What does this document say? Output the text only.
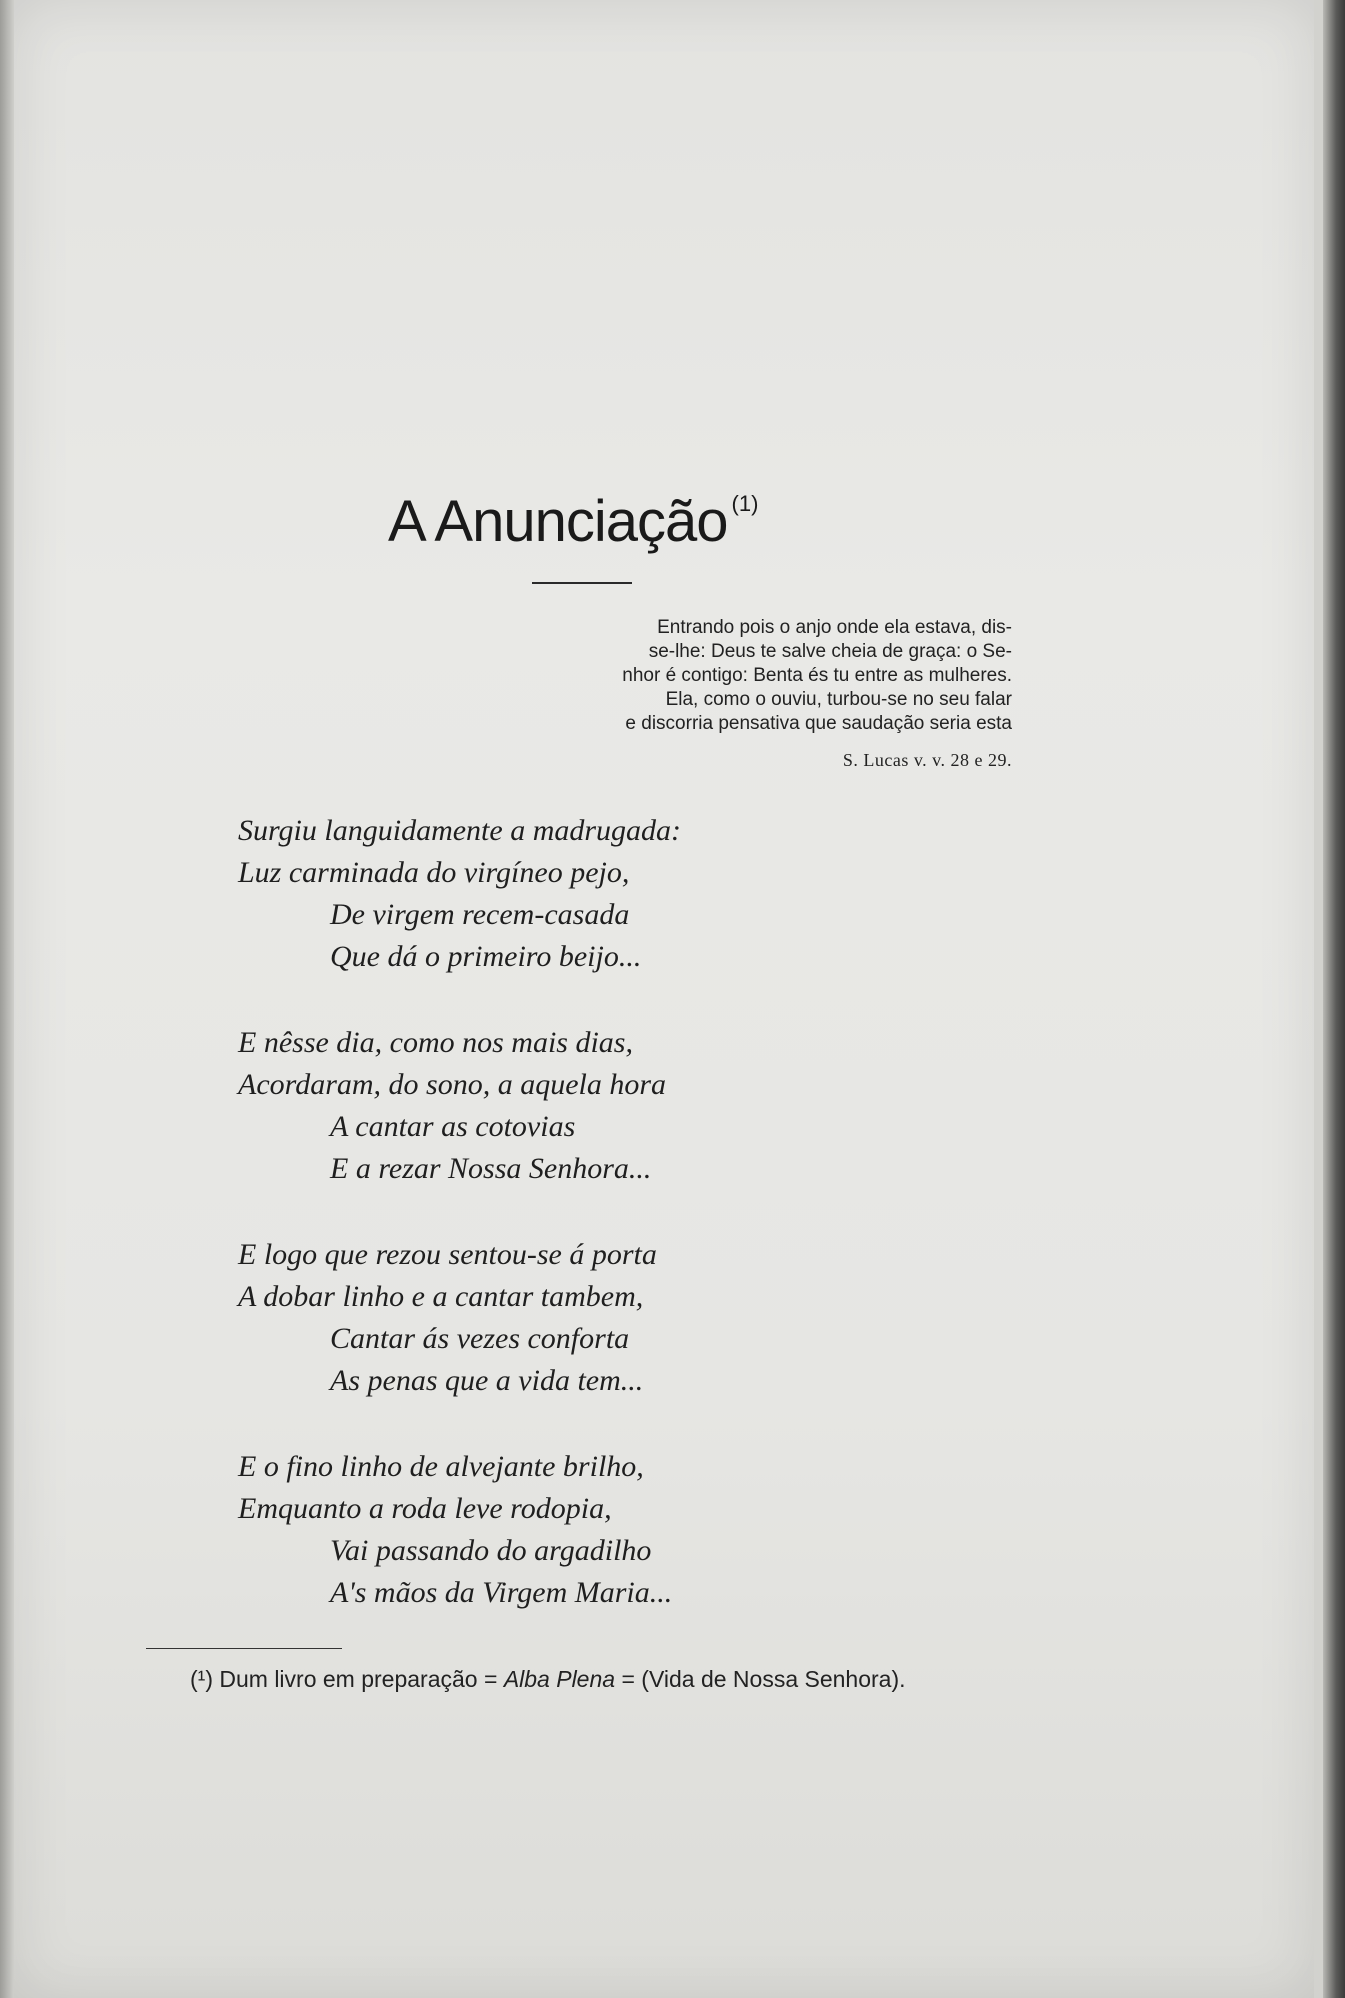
A Anunciação $^{(1)}$
Entrando pois o anjo onde ela estava, dis-
se-lhe: Deus te salve cheia de graça: o Se-
nhor é contigo: Benta és tu entre as mulheres.
Ela, como o ouviu, turbou-se no seu falar
e discorria pensativa que saudação seria esta
S. Lucas v. v. 28 e 29.
Surgiu languidamente a madrugada:
Luz carminada do virgíneo pejo,
De virgem recem-casada
Que dá o primeiro beijo...
E nêsse dia, como nos mais dias,
Acordaram, do sono, a aquela hora
A cantar as cotovias
E a rezar Nossa Senhora...
E logo que rezou sentou-se á porta
A dobar linho e a cantar tambem,
Cantar ás vezes conforta
As penas que a vida tem...
E o fino linho de alvejante brilho,
Emquanto a roda leve rodopia,
Vai passando do argadilho
A's mãos da Virgem Maria...
(¹) Dum livro em preparação = Alba Plena = (Vida de Nossa Senhora).
